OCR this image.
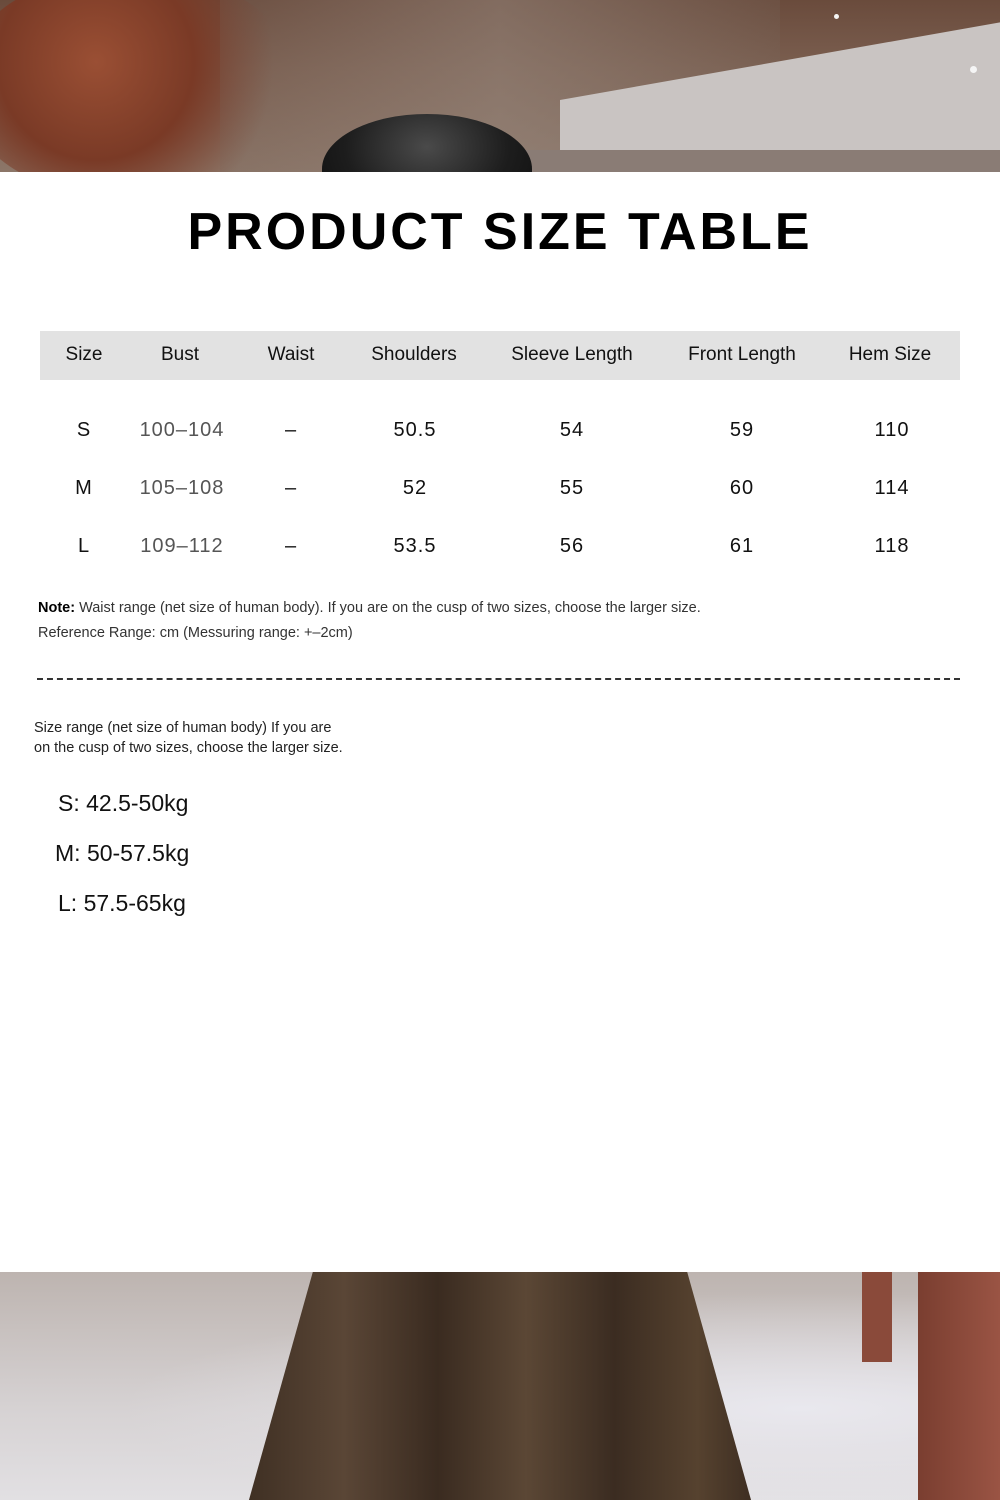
PRODUCT SIZE TABLE
Size	Bust	Waist	Shoulders	Sleeve Length	Front Length	Hem Size
S 100–104	–	50.5	54	59	110
M 105–108	–	52	55	60	114
L	109–112	–	53.5	56	61	118
Note: Waist range (net size of human body). If you are on the cusp of two sizes, choose the larger size.
Reference Range: cm (Messuring range: +–2cm)
Size range (net size of human body) If you are
on the cusp of two sizes, choose the larger size.
S: 42.5-50kg
M: 50-57.5kg
L: 57.5-65kg
